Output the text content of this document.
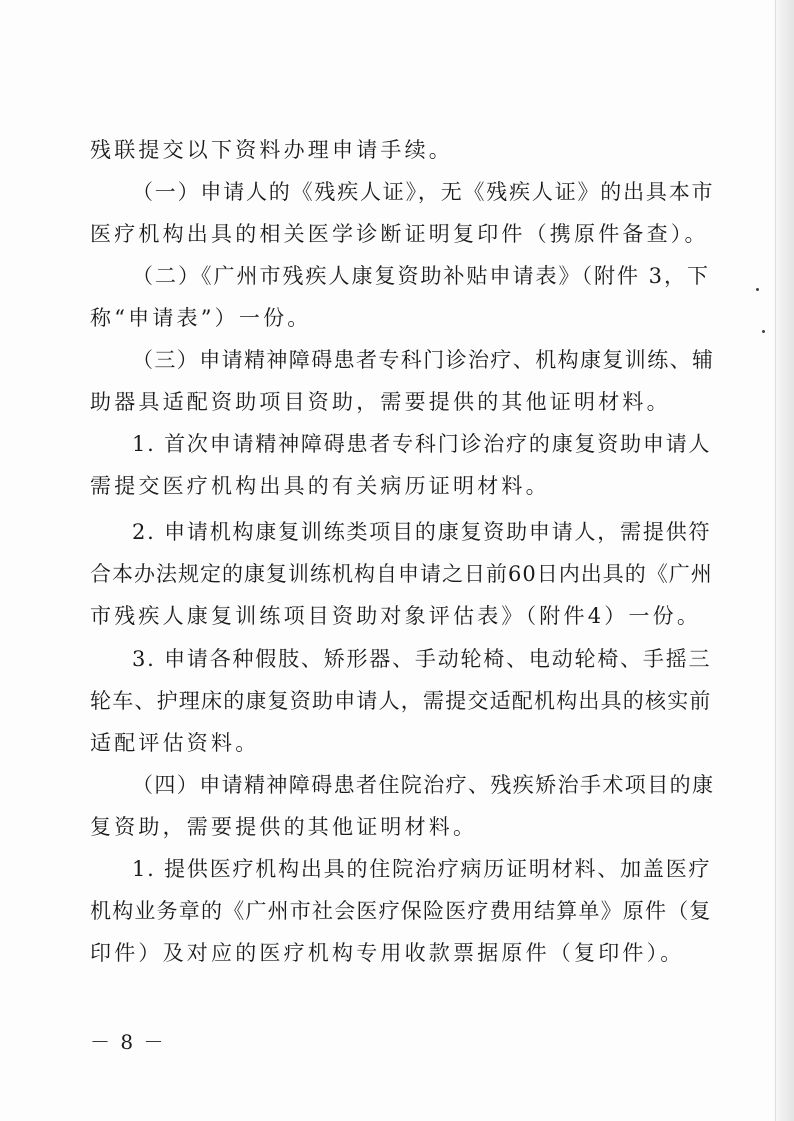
残联提交以下资料办理申请手续。
（一）申请人的《残疾人证》，无《残疾人证》的出具本市
医疗机构出具的相关医学诊断证明复印件（携原件备查）。
（二）《广州市残疾人康复资助补贴申请表》（附件 3，下
称“申请表”）一份。
（三）申请精神障碍患者专科门诊治疗、机构康复训练、辅
助器具适配资助项目资助，需要提供的其他证明材料。
1. 首次申请精神障碍患者专科门诊治疗的康复资助申请人
需提交医疗机构出具的有关病历证明材料。
2. 申请机构康复训练类项目的康复资助申请人，需提供符
合本办法规定的康复训练机构自申请之日前60日内出具的《广州
市残疾人康复训练项目资助对象评估表》（附件4）一份。
3. 申请各种假肢、矫形器、手动轮椅、电动轮椅、手摇三
轮车、护理床的康复资助申请人，需提交适配机构出具的核实前
适配评估资料。
（四）申请精神障碍患者住院治疗、残疾矫治手术项目的康
复资助，需要提供的其他证明材料。
1. 提供医疗机构出具的住院治疗病历证明材料、加盖医疗
机构业务章的《广州市社会医疗保险医疗费用结算单》原件（复
印件）及对应的医疗机构专用收款票据原件（复印件）。
－ 8 －
